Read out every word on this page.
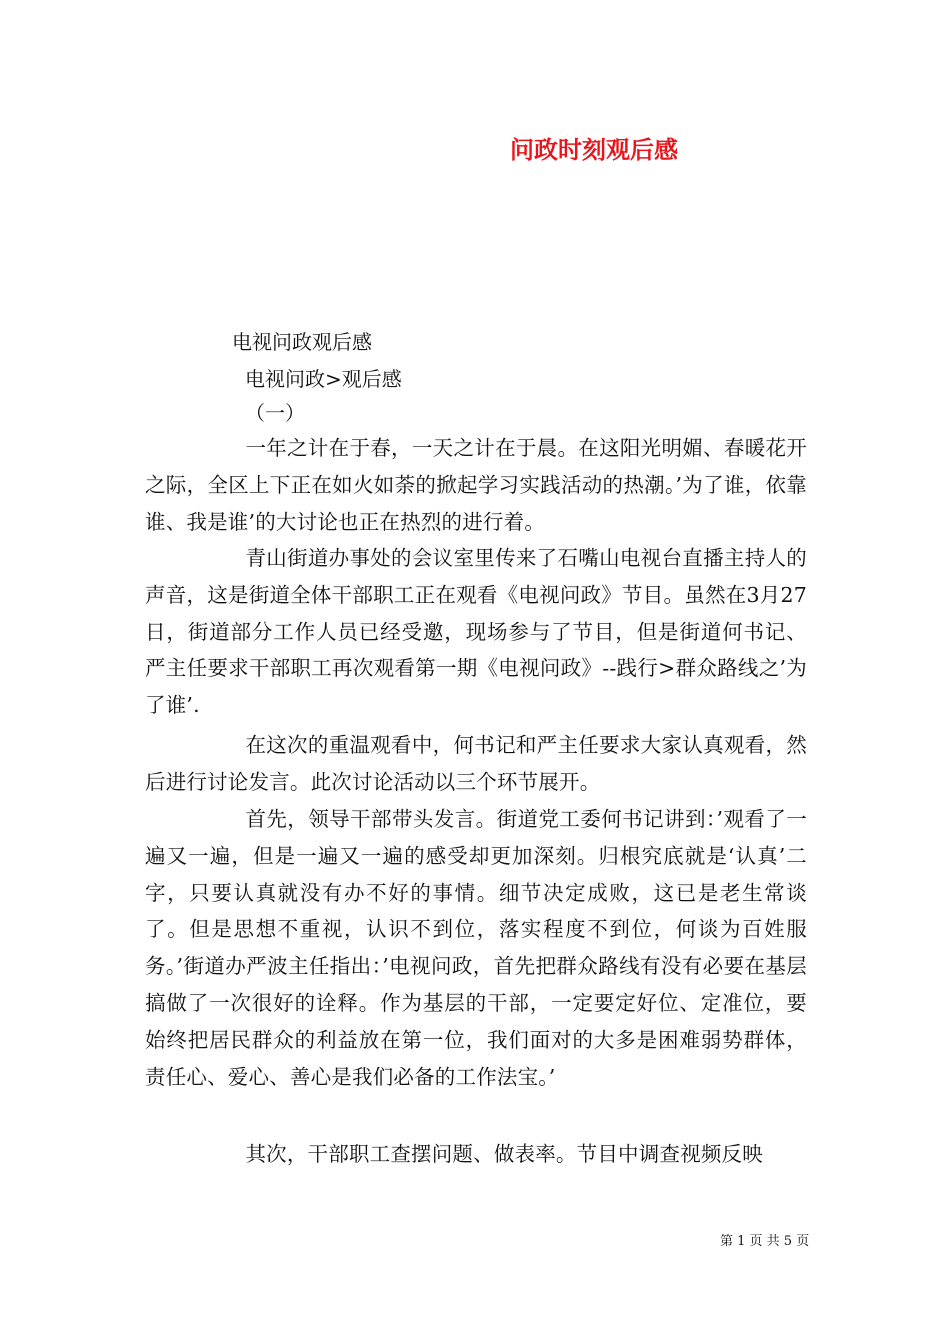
问政时刻观后感
电视问政观后感
电视问政>观后感
（一）

一年之计在于春，一天之计在于晨。在这阳光明媚、春暖花开之际，全区上下正在如火如荼的掀起学习实践活动的热潮。’为了谁，依靠谁、我是谁’的大讨论也正在热烈的进行着。

青山街道办事处的会议室里传来了石嘴山电视台直播主持人的声音，这是街道全体干部职工正在观看《电视问政》节目。虽然在3月27日，街道部分工作人员已经受邀，现场参与了节目，但是街道何书记、严主任要求干部职工再次观看第一期《电视问政》--践行>群众路线之’为了谁’.

在这次的重温观看中，何书记和严主任要求大家认真观看，然后进行讨论发言。此次讨论活动以三个环节展开。

首先，领导干部带头发言。街道党工委何书记讲到：’观看了一遍又一遍，但是一遍又一遍的感受却更加深刻。归根究底就是‘认真’二字，只要认真就没有办不好的事情。细节决定成败，这已是老生常谈了。但是思想不重视，认识不到位，落实程度不到位，何谈为百姓服务。’街道办严波主任指出：’电视问政，首先把群众路线有没有必要在基层搞做了一次很好的诠释。作为基层的干部，一定要定好位、定准位，要始终把居民群众的利益放在第一位，我们面对的大多是困难弱势群体，责任心、爱心、善心是我们必备的工作法宝。’

其次，干部职工查摆问题、做表率。节目中调查视频反映

第 1 页 共 5 页
